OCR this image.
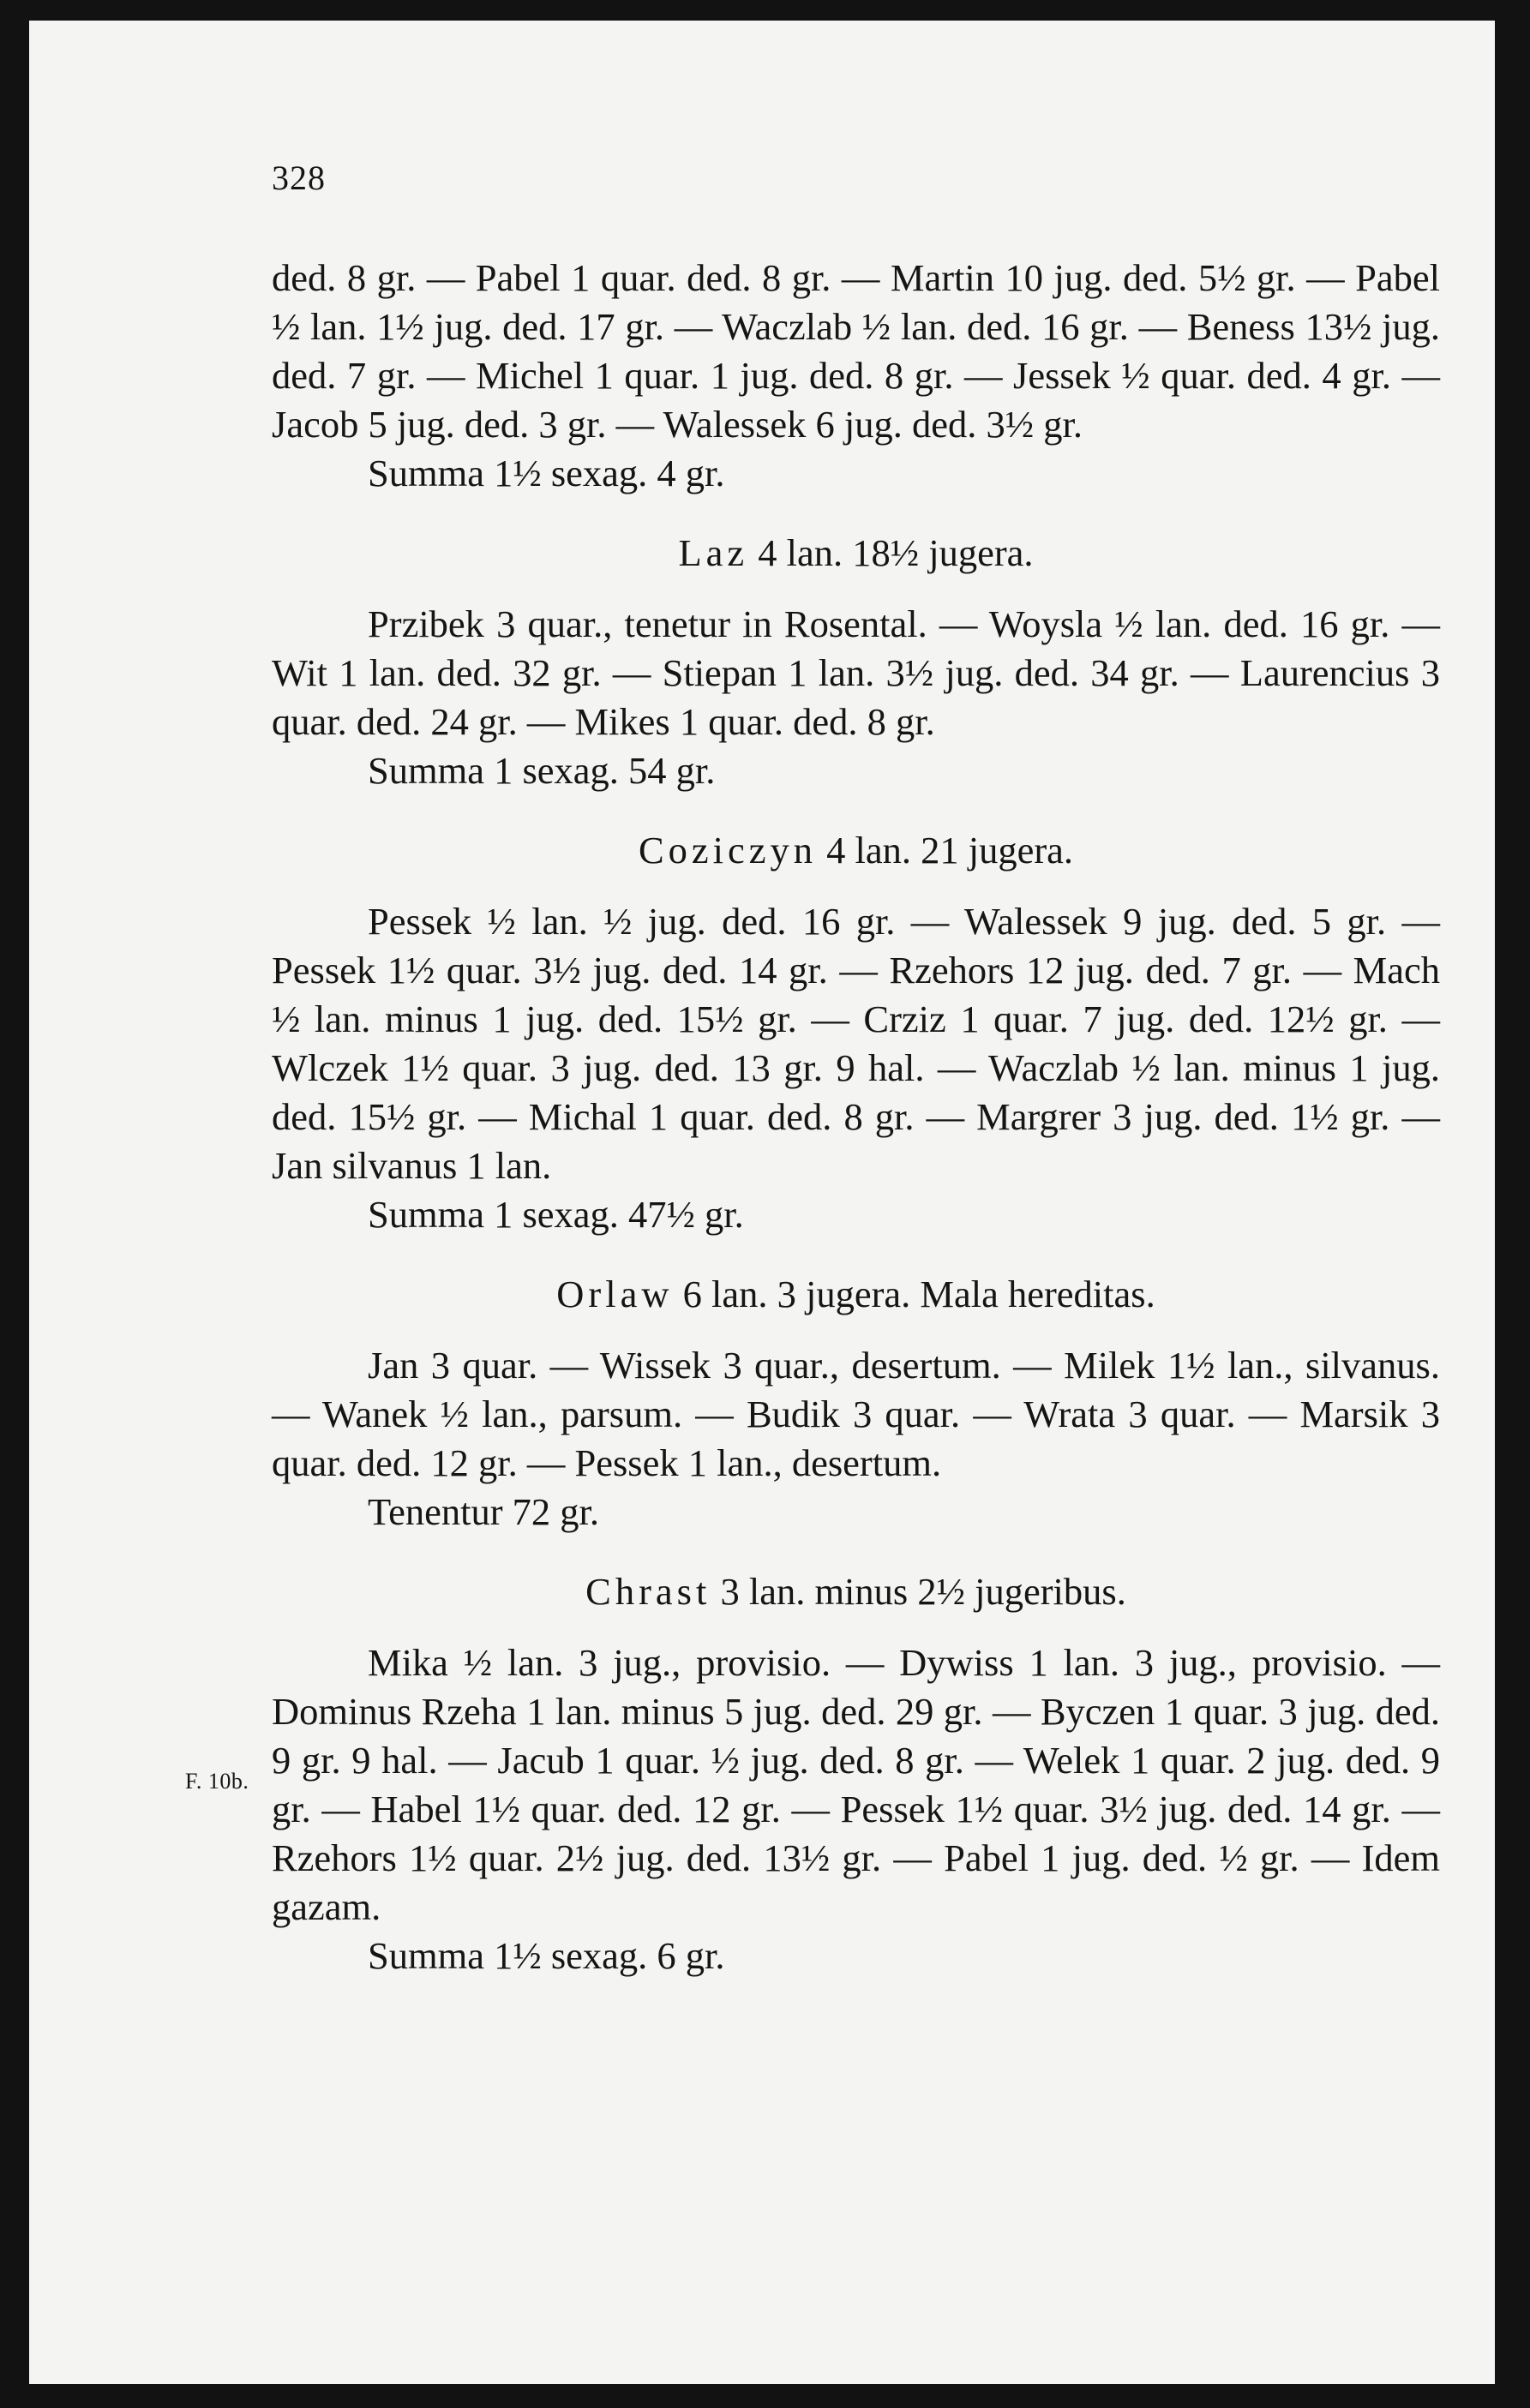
328
F. 10b.

ded. 8 gr. — Pabel 1 quar. ded. 8 gr. — Martin 10 jug. ded. 5½ gr. — Pabel ½ lan. 1½ jug. ded. 17 gr. — Waczlab ½ lan. ded. 16 gr. — Beness 13½ jug. ded. 7 gr. — Michel 1 quar. 1 jug. ded. 8 gr. — Jessek ½ quar. ded. 4 gr. — Jacob 5 jug. ded. 3 gr. — Walessek 6 jug. ded. 3½ gr.

Summa 1½ sexag. 4 gr.

Laz 4 lan. 18½ jugera.

Przibek 3 quar., tenetur in Rosental. — Woysla ½ lan. ded. 16 gr. — Wit 1 lan. ded. 32 gr. — Stiepan 1 lan. 3½ jug. ded. 34 gr. — Laurencius 3 quar. ded. 24 gr. — Mikes 1 quar. ded. 8 gr.

Summa 1 sexag. 54 gr.

Coziczyn 4 lan. 21 jugera.

Pessek ½ lan. ½ jug. ded. 16 gr. — Walessek 9 jug. ded. 5 gr. — Pessek 1½ quar. 3½ jug. ded. 14 gr. — Rzehors 12 jug. ded. 7 gr. — Mach ½ lan. minus 1 jug. ded. 15½ gr. — Crziz 1 quar. 7 jug. ded. 12½ gr. — Wlczek 1½ quar. 3 jug. ded. 13 gr. 9 hal. — Waczlab ½ lan. minus 1 jug. ded. 15½ gr. — Michal 1 quar. ded. 8 gr. — Margrer 3 jug. ded. 1½ gr. — Jan silvanus 1 lan.

Summa 1 sexag. 47½ gr.

Orlaw 6 lan. 3 jugera. Mala hereditas.

Jan 3 quar. — Wissek 3 quar., desertum. — Milek 1½ lan., silvanus. — Wanek ½ lan., parsum. — Budik 3 quar. — Wrata 3 quar. — Marsik 3 quar. ded. 12 gr. — Pessek 1 lan., desertum.

Tenentur 72 gr.

Chrast 3 lan. minus 2½ jugeribus.

Mika ½ lan. 3 jug., provisio. — Dywiss 1 lan. 3 jug., provisio. — Dominus Rzeha 1 lan. minus 5 jug. ded. 29 gr. — Byczen 1 quar. 3 jug. ded. 9 gr. 9 hal. — Jacub 1 quar. ½ jug. ded. 8 gr. — Welek 1 quar. 2 jug. ded. 9 gr. — Habel 1½ quar. ded. 12 gr. — Pessek 1½ quar. 3½ jug. ded. 14 gr. — Rzehors 1½ quar. 2½ jug. ded. 13½ gr. — Pabel 1 jug. ded. ½ gr. — Idem gazam.

Summa 1½ sexag. 6 gr.
